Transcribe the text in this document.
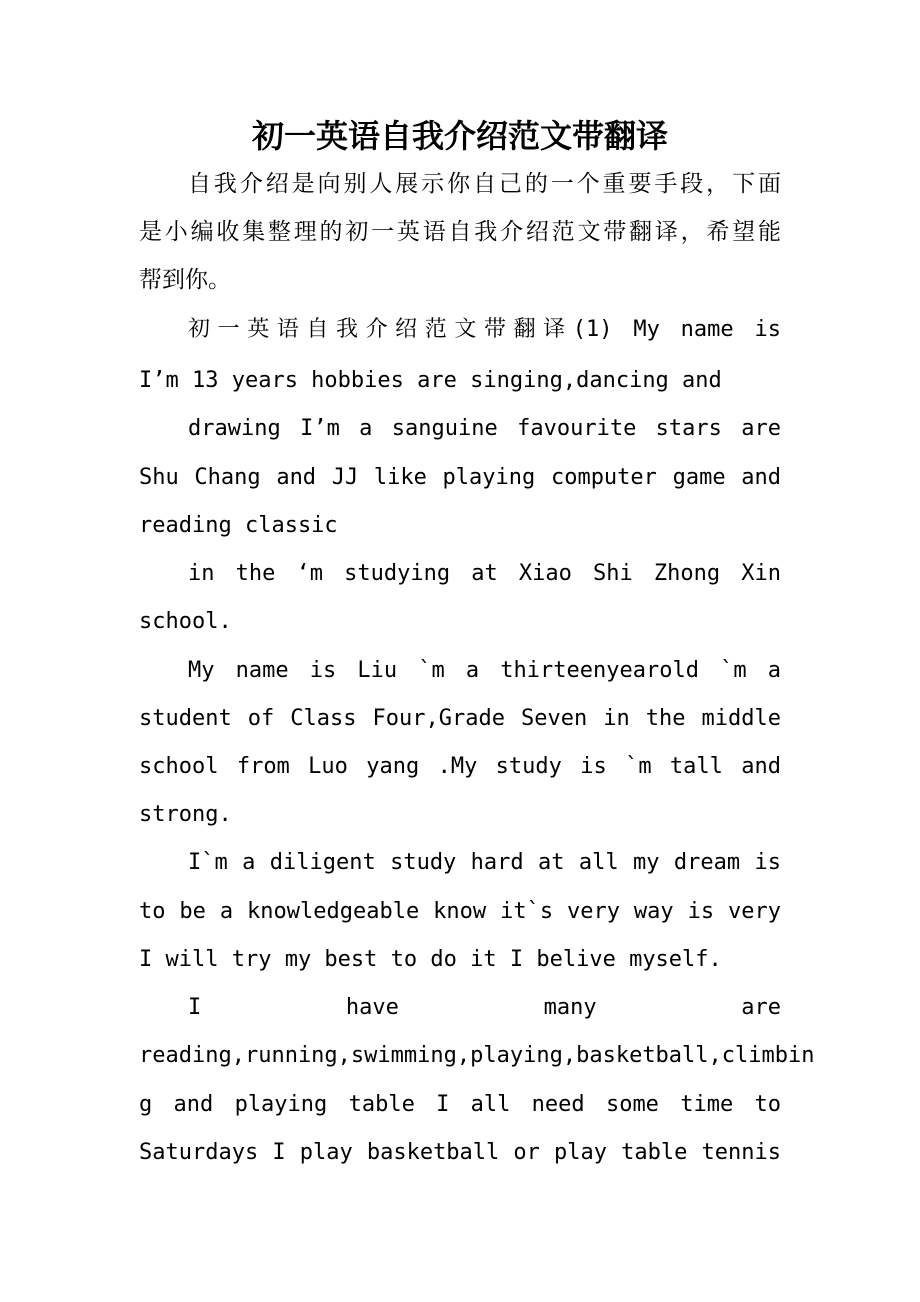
初一英语自我介绍范文带翻译
自我介绍是向别人展示你自己的一个重要手段，下面
是小编收集整理的初一英语自我介绍范文带翻译，希望能
帮到你。
初一英语自我介绍范文带翻译(1) My name is
I’m 13 years hobbies are singing,dancing and
drawing I’m a sanguine favourite stars are
Shu Chang and JJ like playing computer game and
reading classic
in the ‘m studying at Xiao Shi Zhong Xin
school.
My name is Liu `m a thirteenyearold `m a
student of Class Four,Grade Seven in the middle
school from Luo yang .My study is `m tall and
strong.
I`m a diligent study hard at all my dream is
to be a knowledgeable know it`s very way is very
I will try my best to do it I belive myself.
I have many are
reading,running,swimming,playing,basketball,climbin
g and playing table I all need some time to
Saturdays I play basketball or play table tennis
